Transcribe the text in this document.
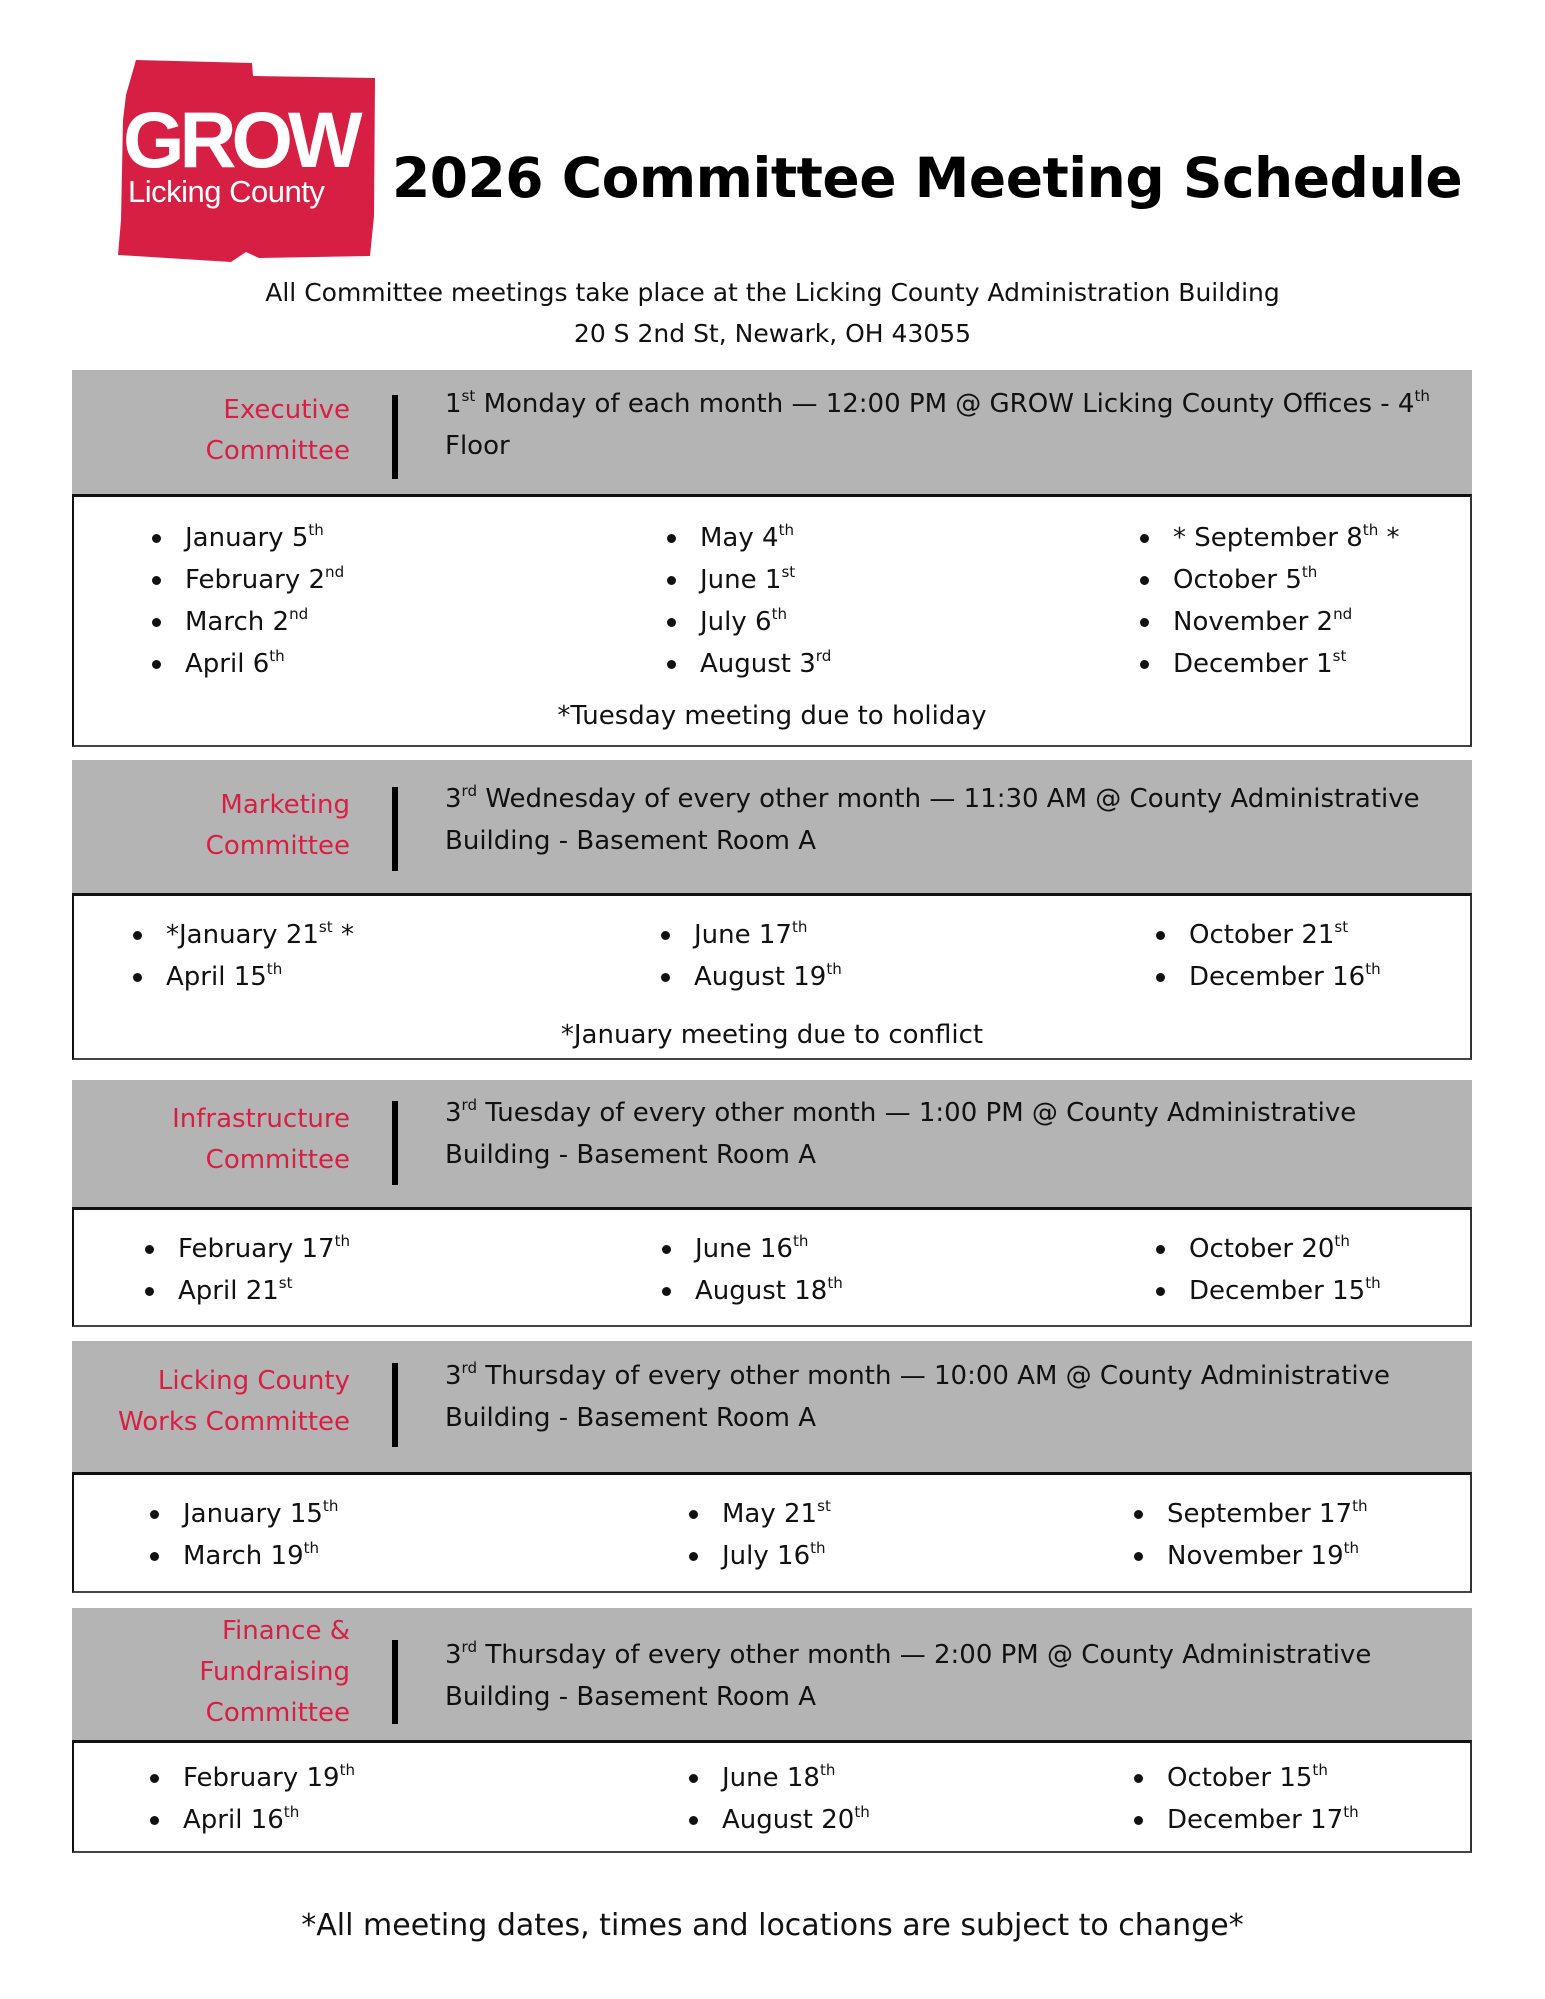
GROW
Licking County 2026 Committee Meeting Schedule
All Committee meetings take place at the Licking County Administration Building
20 S 2nd St, Newark, OH 43055
Executive
Committee
1st Monday of each month — 12:00 PM @ GROW Licking County Offices - 4th Floor
January 5th
February 2nd
March 2nd
April 6th
May 4th
June 1st
July 6th
August 3rd
* September 8th *
October 5th
November 2nd
December 1st
*Tuesday meeting due to holiday
Marketing
Committee
3rd Wednesday of every other month — 11:30 AM @ County Administrative Building - Basement Room A
*January 21st *
April 15th
June 17th
August 19th
October 21st
December 16th
*January meeting due to conflict
Infrastructure
Committee
3rd Tuesday of every other month — 1:00 PM @ County Administrative Building - Basement Room A
February 17th
April 21st
June 16th
August 18th
October 20th
December 15th
Licking County
Works Committee
3rd Thursday of every other month — 10:00 AM @ County Administrative Building - Basement Room A
January 15th
March 19th
May 21st
July 16th
September 17th
November 19th
Finance &
Fundraising
Committee
3rd Thursday of every other month — 2:00 PM @ County Administrative Building - Basement Room A
February 19th
April 16th
June 18th
August 20th
October 15th
December 17th
*All meeting dates, times and locations are subject to change*
